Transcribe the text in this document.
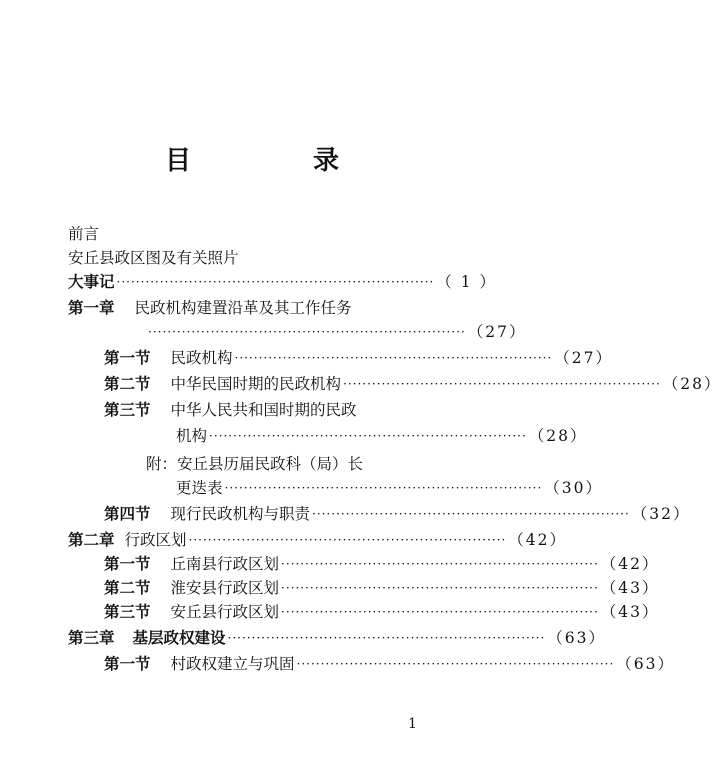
目　录
前言
安丘县政区图及有关照片
大事记 ·································································· （ 1 ）
第一章 民政机构建置沿革及其工作任务
·································································· （27）
第一节 民政机构 ·································································· （27）
第二节 中华民国时期的民政机构 ·································································· （28）
第三节 中华人民共和国时期的民政
机构 ·································································· （28）
附：安丘县历届民政科（局）长
更迭表 ·································································· （30）
第四节 现行民政机构与职责 ·································································· （32）
第二章 行政区划 ·································································· （42）
第一节 丘南县行政区划 ·································································· （42）
第二节 淮安县行政区划 ·································································· （43）
第三节 安丘县行政区划 ·································································· （43）
第三章 基层政权建设 ·································································· （63）
第一节 村政权建立与巩固 ·································································· （63）
1
